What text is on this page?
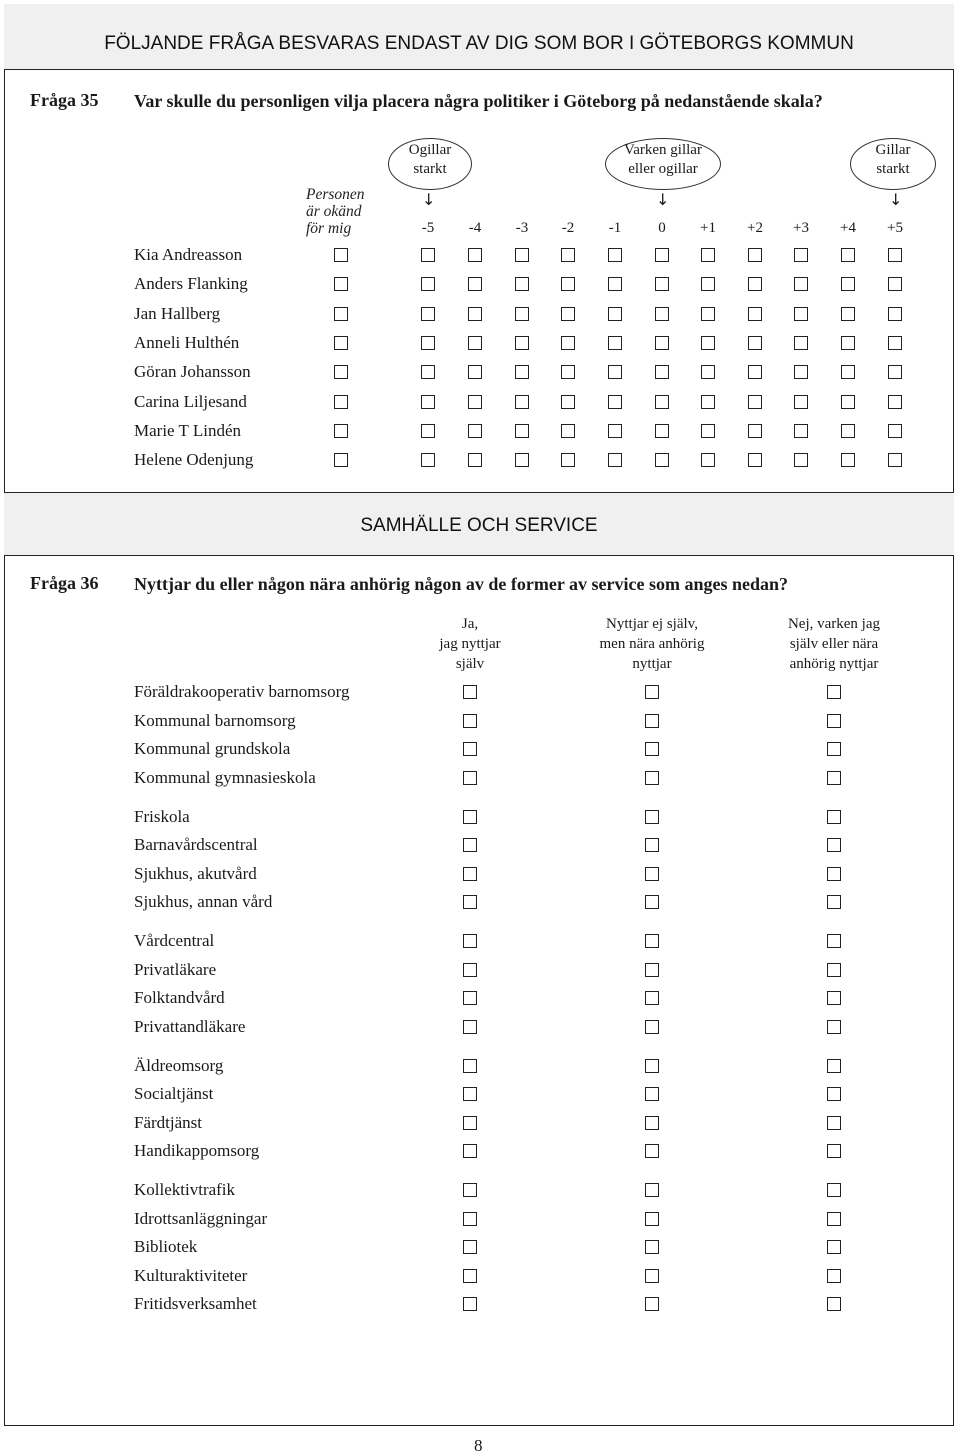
FÖLJANDE FRÅGA BESVARAS ENDAST AV DIG SOM BOR I GÖTEBORGS KOMMUN
Fråga 35 Var skulle du personligen vilja placera några politiker i Göteborg på nedanstående skala?
Ogillar
starkt
↓
Varken gillar
eller ogillar
↓
Gillar
starkt
↓
Personen
är okänd
för mig	-5	-4	-3	-2	-1	0	+1	+2	+3	+4	+5
Kia Andreasson
Anders Flanking
Jan Hallberg
Anneli Hulthén
Göran Johansson
Carina Liljesand
Marie T Lindén
Helene Odenjung
SAMHÄLLE OCH SERVICE
Fråga 36 Nyttjar du eller någon nära anhörig någon av de former av service som anges nedan?
Ja,
jag nyttjar
själv
Nyttjar ej själv,
men nära anhörig
nyttjar
Nej, varken jag
själv eller nära
anhörig nyttjar
Föräldrakooperativ barnomsorg
Kommunal barnomsorg
Kommunal grundskola
Kommunal gymnasieskola
Friskola
Barnavårdscentral
Sjukhus, akutvård
Sjukhus, annan vård
Vårdcentral
Privatläkare
Folktandvård
Privattandläkare
Äldreomsorg
Socialtjänst
Färdtjänst
Handikappomsorg
Kollektivtrafik
Idrottsanläggningar
Bibliotek
Kulturaktiviteter
Fritidsverksamhet
8
